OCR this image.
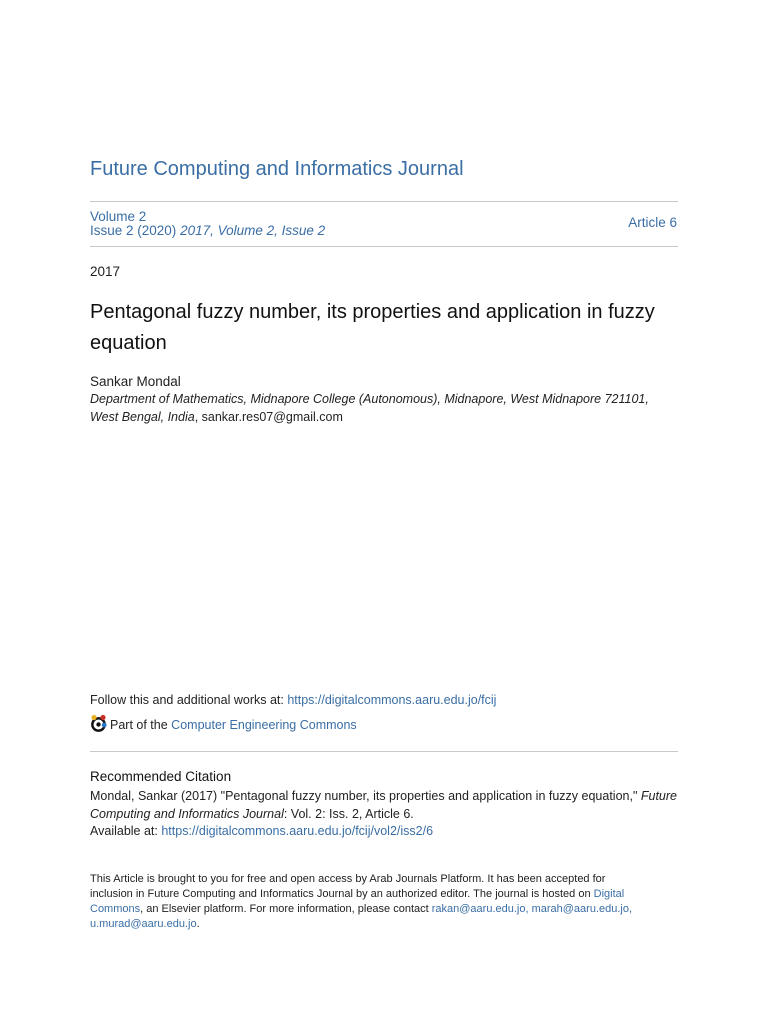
Future Computing and Informatics Journal
Volume 2
Issue 2 (2020) 2017, Volume 2, Issue 2
Article 6
2017
Pentagonal fuzzy number, its properties and application in fuzzy equation
Sankar Mondal
Department of Mathematics, Midnapore College (Autonomous), Midnapore, West Midnapore 721101, West Bengal, India, sankar.res07@gmail.com
Follow this and additional works at: https://digitalcommons.aaru.edu.jo/fcij
Part of the
Computer Engineering Commons
Recommended Citation
Mondal, Sankar (2017) "Pentagonal fuzzy number, its properties and application in fuzzy equation," Future Computing and Informatics Journal: Vol. 2: Iss. 2, Article 6.
Available at: https://digitalcommons.aaru.edu.jo/fcij/vol2/iss2/6
This Article is brought to you for free and open access by Arab Journals Platform. It has been accepted for inclusion in Future Computing and Informatics Journal by an authorized editor. The journal is hosted on Digital Commons, an Elsevier platform. For more information, please contact rakan@aaru.edu.jo, marah@aaru.edu.jo, u.murad@aaru.edu.jo.
